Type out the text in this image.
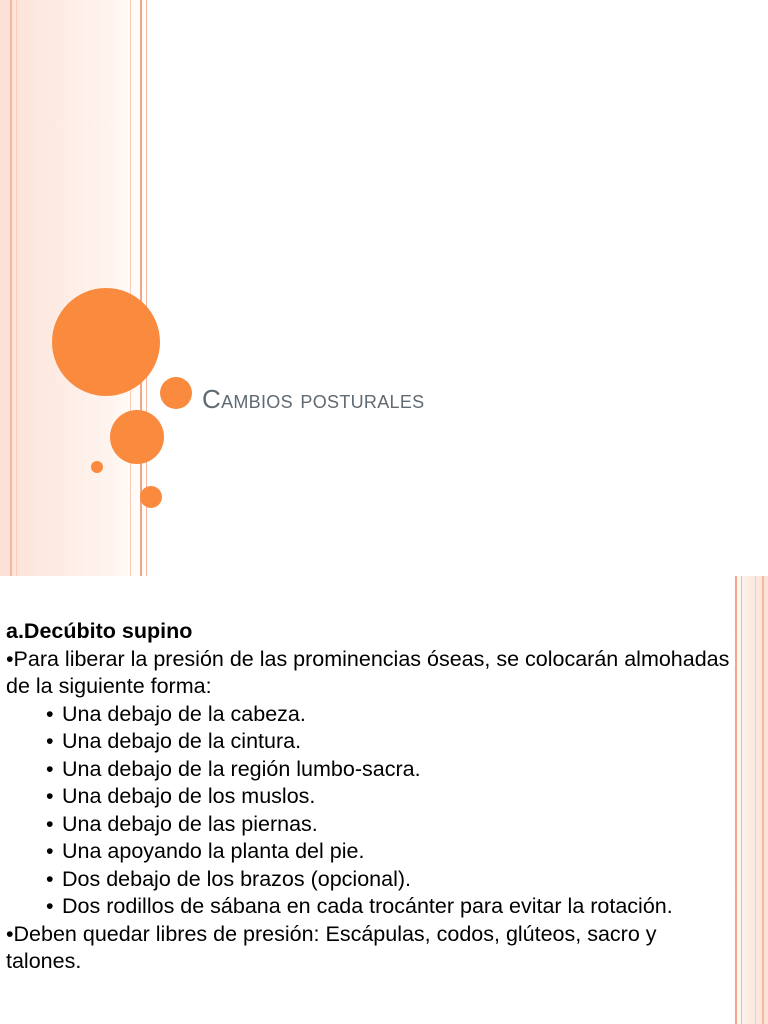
Cambios posturales

a.Decúbito supino

•Para liberar la presión de las prominencias óseas, se colocarán almohadas de la siguiente forma:

• Una debajo de la cabeza.
• Una debajo de la cintura.
• Una debajo de la región lumbo-sacra.
• Una debajo de los muslos.
• Una debajo de las piernas.
• Una apoyando la planta del pie.
• Dos debajo de los brazos (opcional).
• Dos rodillos de sábana en cada trocánter para evitar la rotación.

•Deben quedar libres de presión: Escápulas, codos, glúteos, sacro y talones.
